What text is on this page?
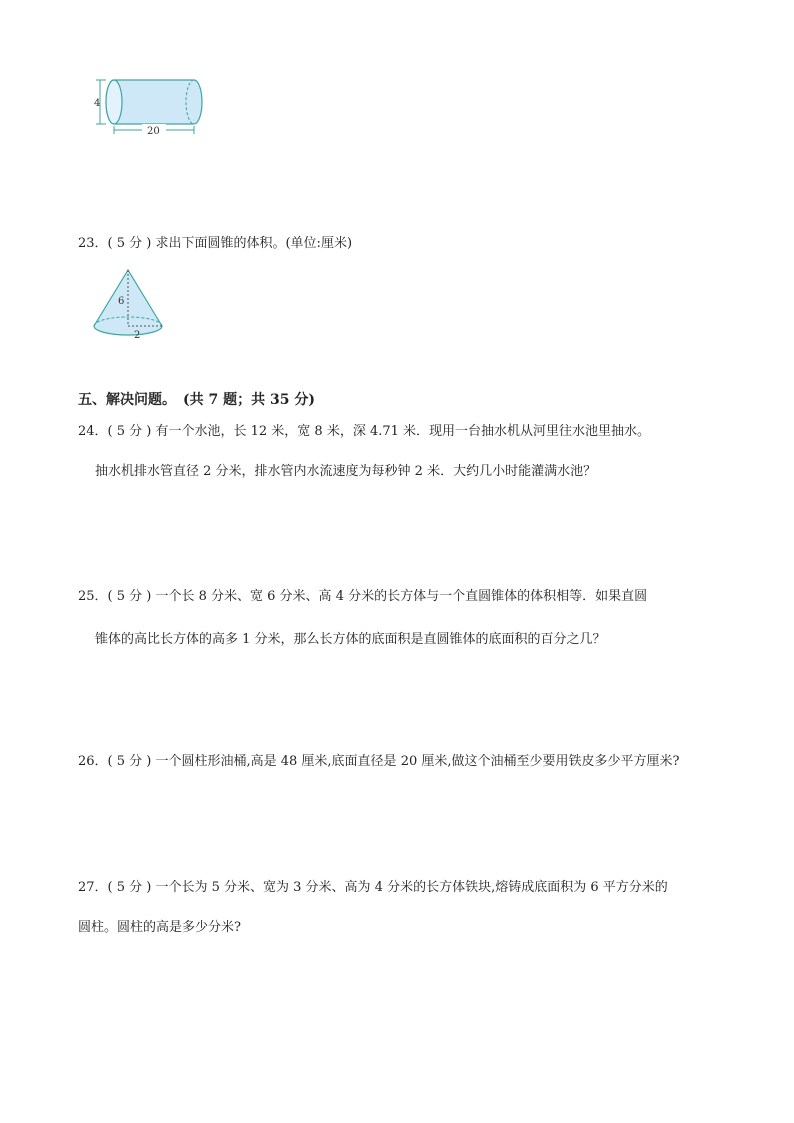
4
20
23．( 5 分 ) 求出下面圆锥的体积。(单位:厘米)
6
2
五、解决问题。　(共 7 题；共 35 分)
24．( 5 分 ) 有一个水池，长 12 米，宽 8 米，深 4.71 米．现用一台抽水机从河里往水池里抽水。
抽水机排水管直径 2 分米，排水管内水流速度为每秒钟 2 米．大约几小时能灌满水池？
25．( 5 分 ) 一个长 8 分米、宽 6 分米、高 4 分米的长方体与一个直圆锥体的体积相等．如果直圆
锥体的高比长方体的高多 1 分米，那么长方体的底面积是直圆锥体的底面积的百分之几？
26．( 5 分 ) 一个圆柱形油桶,高是 48 厘米,底面直径是 20 厘米,做这个油桶至少要用铁皮多少平方厘米?
27．( 5 分 ) 一个长为 5 分米、宽为 3 分米、高为 4 分米的长方体铁块,熔铸成底面积为 6 平方分米的
圆柱。圆柱的高是多少分米?
